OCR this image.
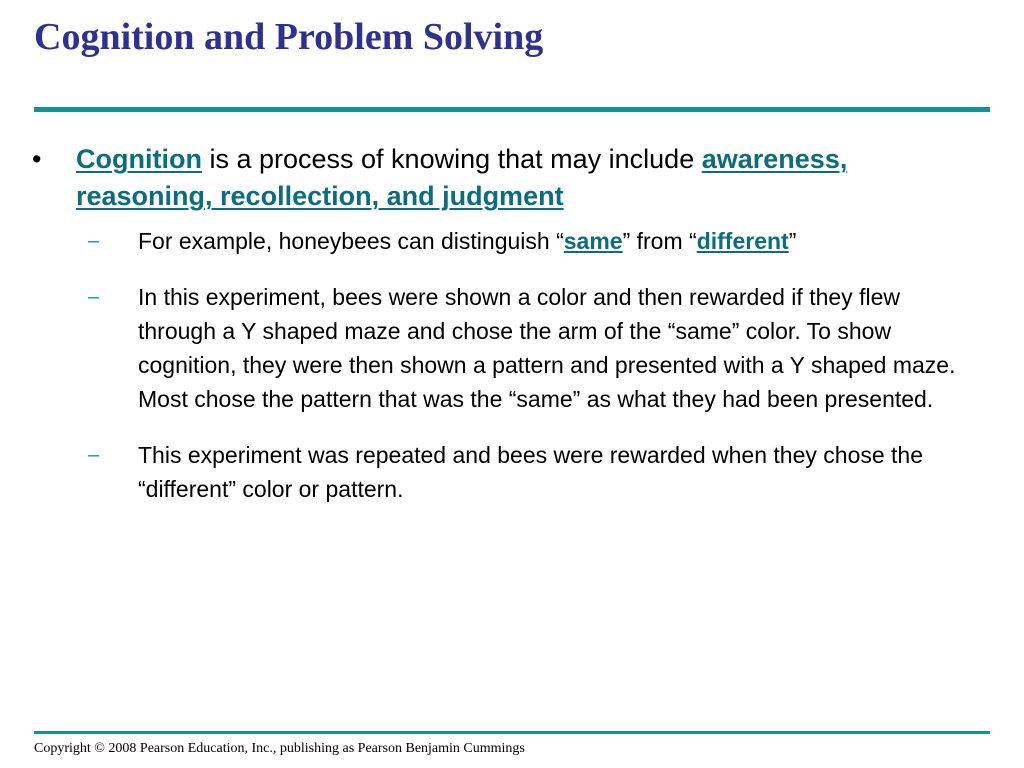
Cognition and Problem Solving
•	Cognition is a process of knowing that may include awareness, reasoning, recollection, and judgment
– For example, honeybees can distinguish “same” from “different”
– In this experiment, bees were shown a color and then rewarded if they flew through a Y shaped maze and chose the arm of the “same” color. To show cognition, they were then shown a pattern and presented with a Y shaped maze. Most chose the pattern that was the “same” as what they had been presented.
– This experiment was repeated and bees were rewarded when they chose the “different” color or pattern.
Copyright © 2008 Pearson Education, Inc., publishing as Pearson Benjamin Cummings
